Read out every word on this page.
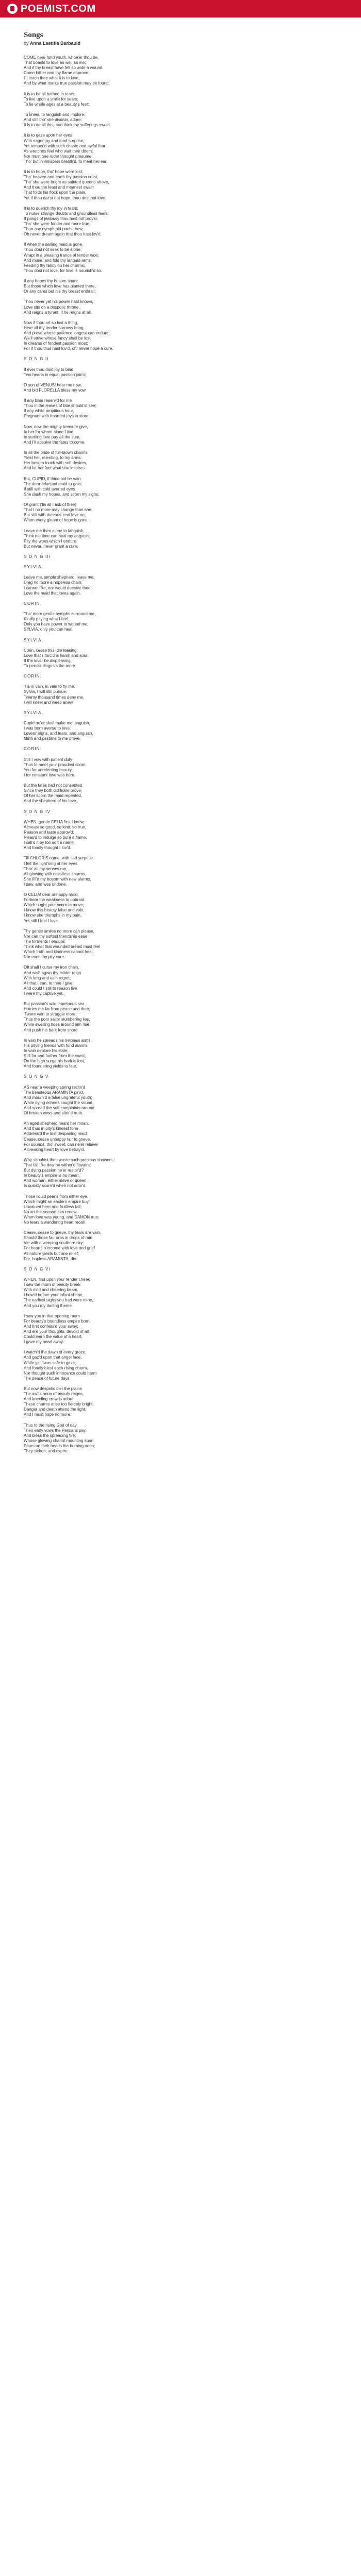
POEMIST.COM
Songs
by Anna Laetitia Barbauld
COME here fond youth, whoe'er thou be,
That boasts to love as well as me;
And if thy breast have felt so wide a wound,
Come hither and thy flame approve;
I'll teach thee what it is to love,
And by what marks true passion may be found.
It is to be all bathed in tears;
To live upon a smile for years;
To lie whole ages at a beauty's feet:
To kneel, to languish and implore;
And still tho' she disdain, adore:
It is to do all this, and think thy sufferings sweet.
It is to gaze upon her eyes
With eager joy and fond surprise;
Yet temper'd with such chaste and awful fear
As wretches feel who wait their doom;
Nor must one ruder thought presume
Tho' but in whispers breath'd, to meet her ear.
It is to hope, tho' hope were lost;
Tho' heaven and earth thy passion crost;
Tho' she were bright as sainted queens above,
And thou the least and meanest swain
That folds his flock upon the plain,
Yet if thou dar'st not hope, thou dost not love.
It is to quench thy joy in tears;
To nurse strange doubts and groundless fears:
If pangs of jealousy thou hast not prov'd,
Tho' she were fonder and more true
Than any nymph old poets drew,
Oh never dream again that thou hast lov'd.
If when the darling maid is gone,
Thou dost not seek to be alone,
Wrapt in a pleasing trance of tender woe;
And muse, and fold thy languid arms,
Feeding thy fancy on her charms,
Thou dost not love, for love is nourish'd so.
If any hopes thy bosom share
But those which love has planted there,
Or any cares but his thy breast enthrall;
Thou never yet his power hast known;
Love sits on a despotic throne,
And reigns a tyrant, if he reigns at all.
Now if thou art so lost a thing,
Here all thy tender sorrows bring,
And prove whose patience longest can endure:
We'll strive whose fancy shall be lost
In dreams of fondest passion most;
For if thou thus hast lov'd, oh! never hope a cure.
S O N G II
If ever thou dost joy to bind
Two hearts in equal passion join'd,
O son of VENUS! hear me now,
And bid FLORELLA bless my vow.
If any bliss reserv'd for me
Thou in the leaves of fate should'st see;
If any white propitious hour,
Pregnant with hoarded joys in store;
Now, now the mighty treasure give,
In her for whom alone I live:
In sterling love pay all the sum,
And I'll absolve the fates to come.
In all the pride of full-blown charms
Yield her, relenting, to my arms:
Her bosom touch with soft desires,
And let her feel what she inspires.
But, CUPID, if thine aid be vain
The dear reluctant maid to gain;
If still with cold averted eyes
She dash my hopes, and scorn my sighs;
O! grant ('tis all I ask of thee)
That I no more may change than she;
But still with duteous zeal love on,
When every gleam of hope is gone.
Leave me then alone to languish,
Think not time can heal my anguish;
Pity the woes which I endure;
But never, never grant a cure.
S O N G III
SYLVIA.
Leave me, simple shepherd, leave me;
Drag no more a hopeless chain:
I cannot like, nor would deceive thee;
Love the maid that loves again.
CORIN.
Tho' more gentle nymphs surround me,
Kindly pitying what I feel,
Only you have power to wound me;
SYLVIA, only you can heal.
SYLVIA.
Corin, cease this idle teasing;
Love that's forc'd is harsh and sour:
If the lover be displeasing,
To persist disgusts the more.
CORIN.
'Tis in vain, in vain to fly me,
Sylvia, I will still pursue;
Twenty thousand times deny me,
I will kneel and weep anew.
SYLVIA.
Cupid ne'er shall make me languish,
I was born averse to love;
Lovers' sighs, and tears, and anguish,
Mirth and pastime to me prove.
CORIN.
Still I vow with patient duty
Thus to meet your proudest scorn;
You for unrelenting beauty,
I for constant love was born.
But the fates had not consented,
Since they both did fickle prove;
Of her scorn the maid repented,
And the shepherd of his love.
S O N G IV
WHEN, gentle CELIA first I knew,
A breast so good, so kind, so true,
Reason and taste approv'd;
Pleas'd to indulge so pure a flame,
I call'd it by too soft a name,
And fondly thought I lov'd.
Till CHLORIS came, with sad surprise
I felt the light'ning of her eyes
Thro' all my senses run;
All glowing with resistless charms,
She fill'd my bosom with new alarms,
I saw, and was undone.
O CELIA! dear unhappy maid,
Forbear the weakness to upbraid
Which ought your scorn to move;
I know this beauty false and vain,
I know she triumphs in my pain,
Yet still I feel I love.
Thy gentle smiles no more can please,
Nor can thy softest friendship ease
The torments I endure;
Think what that wounded breast must feel
Which truth and kindness cannot heal,
Nor even thy pity cure.
Oft shall I curse my iron chain,
And wish again thy milder reign
With long and vain regret;
All that I can, to thee I give,
And could I still to reason live
I were thy captive yet.
But passion's wild impetuous sea
Hurries me far from peace and thee;
'Twere vain to struggle more:
Thus the poor sailor slumbering lies,
While swelling tides around him rise,
And push his bark from shore.
In vain he spreads his helpless arms,
His pitying friends with fond alarms
In vain deplore his state;
Still far and farther from the coast,
On the high surge his bark is lost,
And foundering yields to fate.
S O N G V
AS near a weeping spring reclin'd
The beauteous ARAMINTA pin'd,
And mourn'd a false ungrateful youth;
While dying echoes caught the sound,
And spread the soft complaints around
Of broken vows and alter'd truth.
An aged shepherd heard her moan,
And thus in pity's kindest tone
Address'd the lost despairing maid:
Cease, cease unhappy fair to grieve,
For sounds, tho' sweet, can ne'er relieve
A breaking heart by love betray'd.
Why shouldst thou waste such precious showers,
That fall like dew on wither'd flowers,
But dying passion ne'er restor'd?
In beauty's empire is no mean,
And woman, either slave or queen,
Is quickly scorn'd when not ador'd.
Those liquid pearls from either eye,
Which might an eastern empire buy,
Unvalued here and fruitless fall;
No art the season can renew
When love was young, and DAMON true;
No tears a wandering heart recall.
Cease, cease to grieve, thy tears are vain,
Should those fair orbs in drops of rain
Vie with a weeping southern sky:
For hearts o'ercome with love and grief
All nature yields but one relief;
Die, hapless ARAMINTA, die.
S O N G VI
WHEN, first upon your tender cheek
I saw the morn of beauty break
With mild and cheering beam,
I bow'd before your infant shrine,
The earliest sighs you had were mine,
And you my darling theme.
I saw you in that opening morn
For beauty's boundless empire born,
And first confess'd your sway;
And ere your thoughts, devoid of art,
Could learn the value of a heart,
I gave my heart away.
I watch'd the dawn of every grace,
And gaz'd upon that angel face,
While yet 'twas safe to gaze;
And fondly blest each rising charm,
Nor thought such innocence could harm
The peace of future days.
But now despotic o'er the plains
The awful noon of beauty reigns,
And kneeling crowds adore;
These charms arise too fiercely bright,
Danger and death attend the light,
And I must hope no more.
Thus to the rising God of day
Their early vows the Persians pay,
And bless the spreading fire;
Whose glowing chariot mounting soon
Pours on their heads the burning noon;
They sicken, and expire.
